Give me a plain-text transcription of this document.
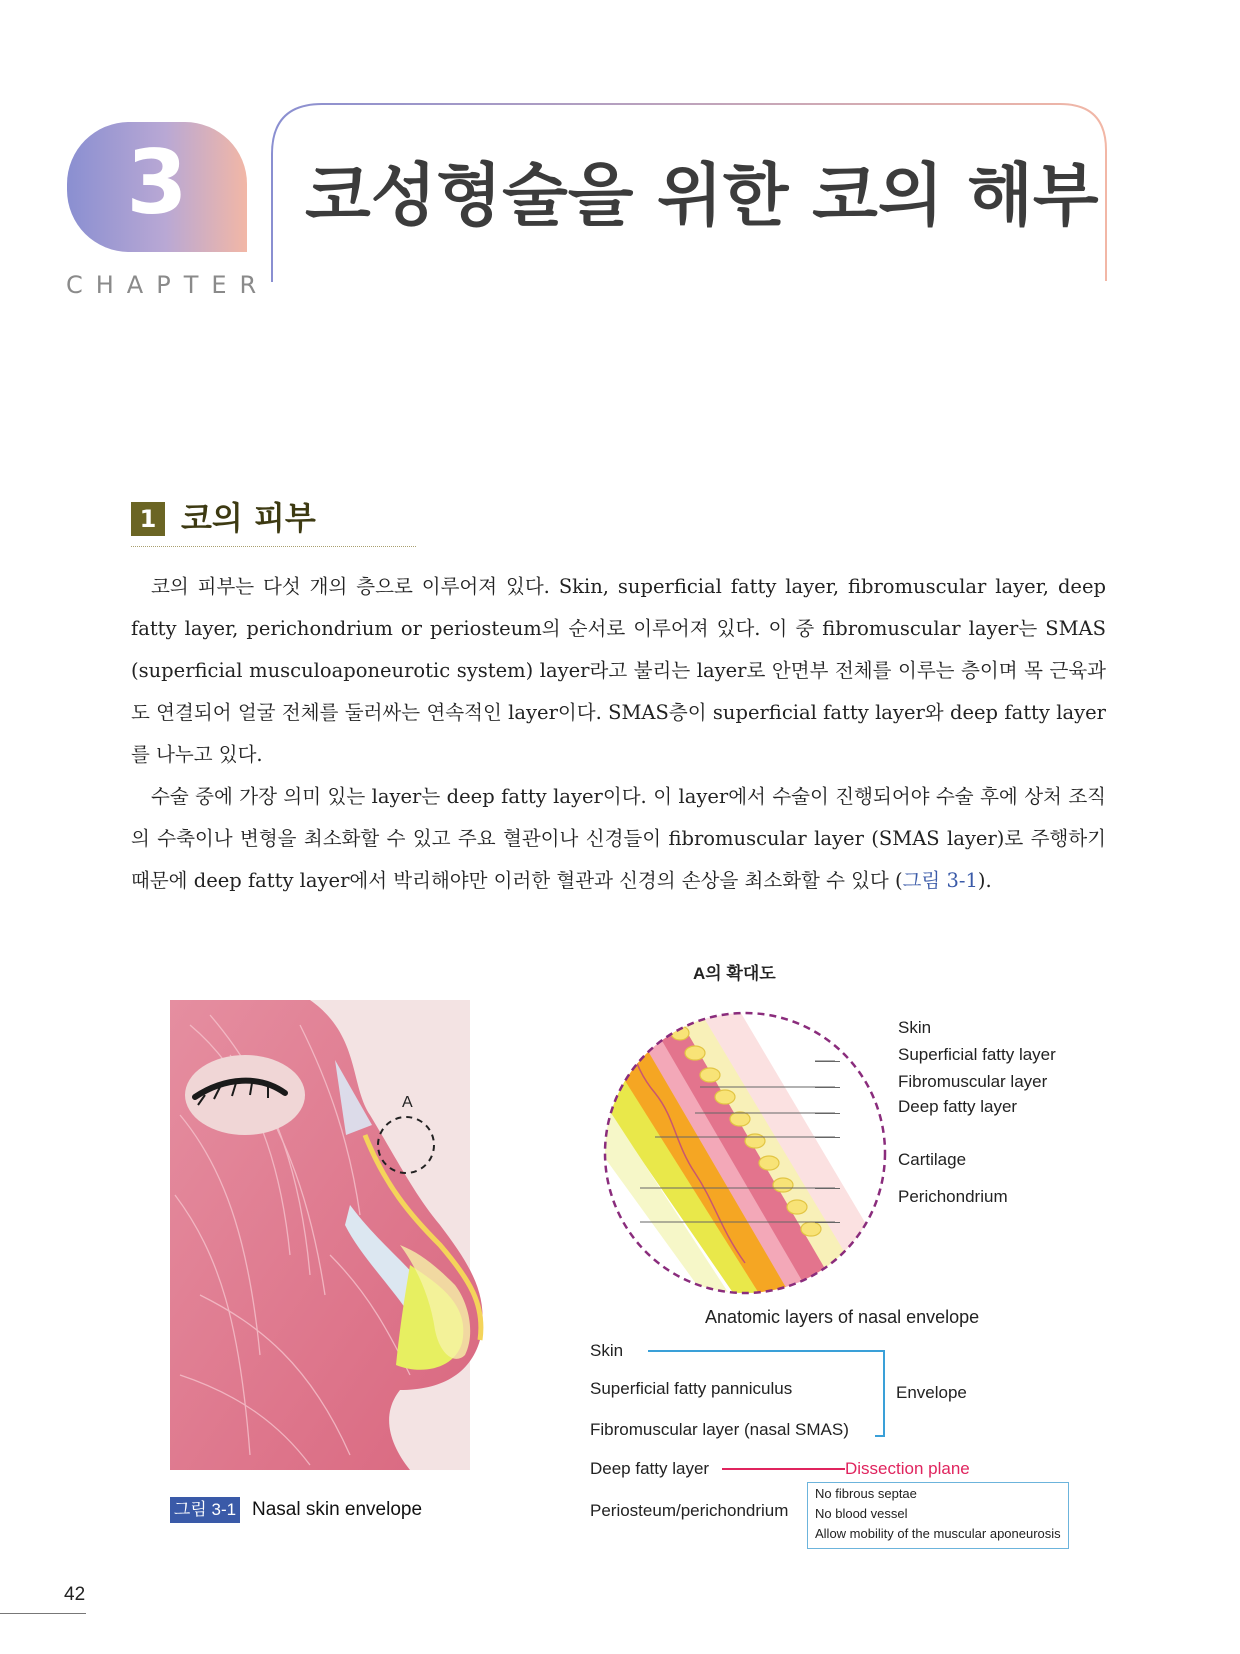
3
CHAPTER
코성형술을 위한 코의 해부
1 코의 피부

코의 피부는 다섯 개의 층으로 이루어져 있다. Skin, superficial fatty layer, fibromuscular layer, deep fatty layer, perichondrium or periosteum의 순서로 이루어져 있다. 이 중 fibromuscular layer는 SMAS (superficial musculoaponeurotic system) layer라고 불리는 layer로 안면부 전체를 이루는 층이며 목 근육과도 연결되어 얼굴 전체를 둘러싸는 연속적인 layer이다. SMAS층이 superficial fatty layer와 deep fatty layer를 나누고 있다.

수술 중에 가장 의미 있는 layer는 deep fatty layer이다. 이 layer에서 수술이 진행되어야 수술 후에 상처 조직의 수축이나 변형을 최소화할 수 있고 주요 혈관이나 신경들이 fibromuscular layer (SMAS layer)로 주행하기 때문에 deep fatty layer에서 박리해야만 이러한 혈관과 신경의 손상을 최소화할 수 있다 (그림 3-1).

A
그림 3-1 Nasal skin envelope
A의 확대도
Skin
Superficial fatty layer
Fibromuscular layer
Deep fatty layer
Cartilage
Perichondrium
Anatomic layers of nasal envelope
Skin
Superficial fatty panniculus
Fibromuscular layer (nasal SMAS)
Deep fatty layer
Periosteum/perichondrium
Envelope
Dissection plane
No fibrous septae
No blood vessel
Allow mobility of the muscular aponeurosis
42
